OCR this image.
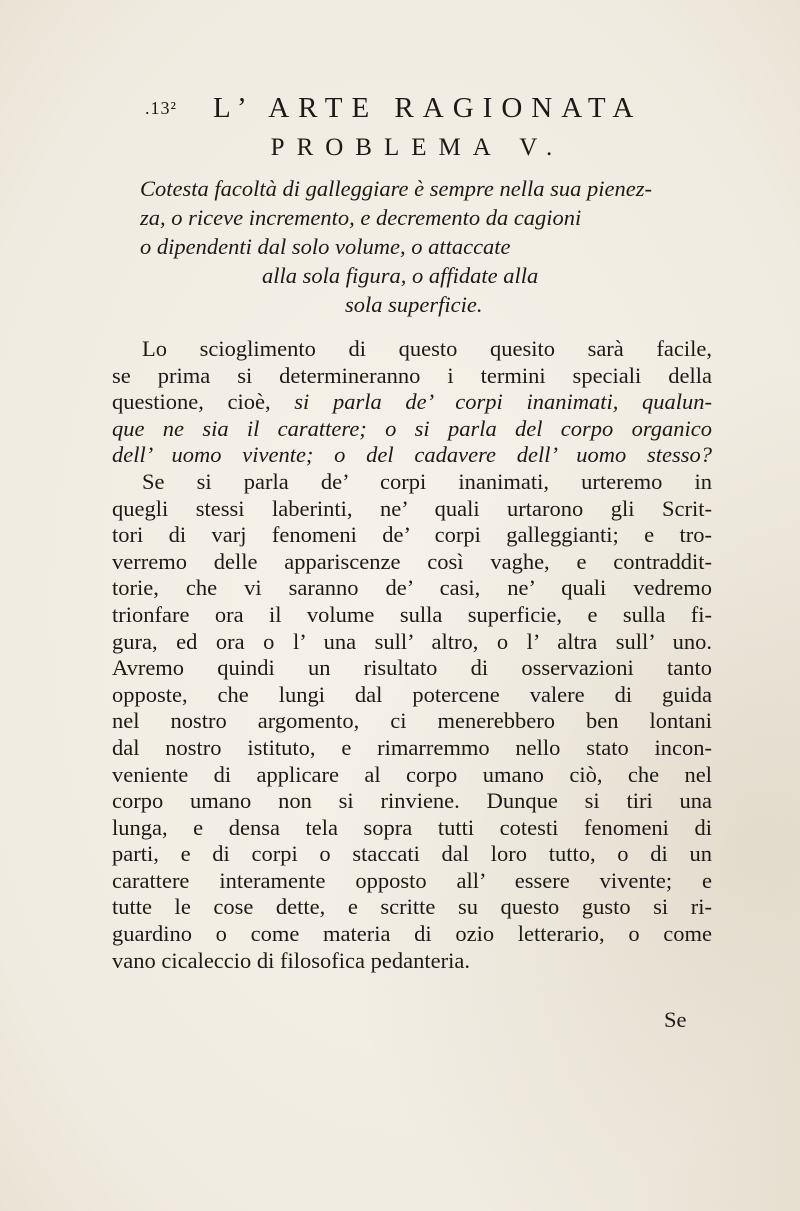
.13² L’ ARTE RAGIONATA
PROBLEMA V.
Cotesta facoltà di galleggiare è sempre nella sua pienez-
za, o riceve incremento, e decremento da cagioni
o dipendenti dal solo volume, o attaccate
alla sola figura, o affidate alla
sola superficie.
Lo scioglimento di questo quesito sarà facile,
se prima si determineranno i termini speciali della
questione, cioè, si parla de’ corpi inanimati, qualun-
que ne sia il carattere; o si parla del corpo organico
dell’ uomo vivente; o del cadavere dell’ uomo stesso?
Se si parla de’ corpi inanimati, urteremo in
quegli stessi laberinti, ne’ quali urtarono gli Scrit-
tori di varj fenomeni de’ corpi galleggianti; e tro-
verremo delle appariscenze così vaghe, e contraddit-
torie, che vi saranno de’ casi, ne’ quali vedremo
trionfare ora il volume sulla superficie, e sulla fi-
gura, ed ora o l’ una sull’ altro, o l’ altra sull’ uno.
Avremo quindi un risultato di osservazioni tanto
opposte, che lungi dal potercene valere di guida
nel nostro argomento, ci menerebbero ben lontani
dal nostro istituto, e rimarremmo nello stato incon-
veniente di applicare al corpo umano ciò, che nel
corpo umano non si rinviene. Dunque si tiri una
lunga, e densa tela sopra tutti cotesti fenomeni di
parti, e di corpi o staccati dal loro tutto, o di un
carattere interamente opposto all’ essere vivente; e
tutte le cose dette, e scritte su questo gusto si ri-
guardino o come materia di ozio letterario, o come
vano cicaleccio di filosofica pedanteria.
Se
